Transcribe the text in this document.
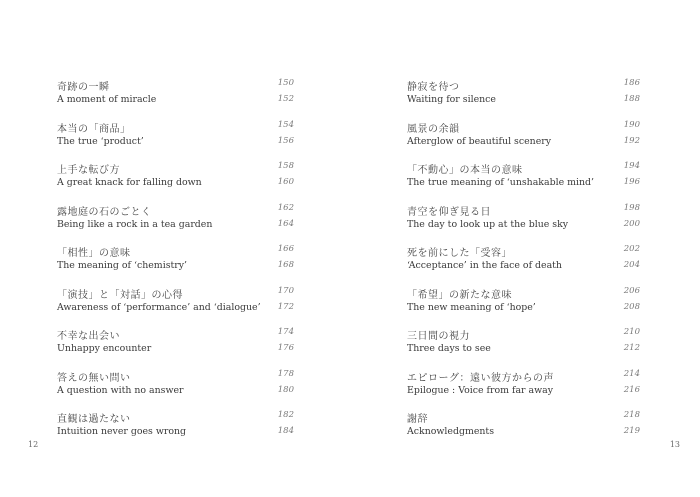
奇跡の一瞬	150
A moment of miracle	152
本当の「商品」	154
The true ‘product’	156
上手な転び方	158
A great knack for falling down	160
露地庭の石のごとく	162
Being like a rock in a tea garden	164
「相性」の意味	166
The meaning of ‘chemistry’	168
「演技」と「対話」の心得	170
Awareness of ‘performance’ and ‘dialogue’ 172
不幸な出会い	174
Unhappy encounter	176
答えの無い問い	178
A question with no answer	180
直観は過たない	182
Intuition never goes wrong	184
12
静寂を待つ	186
Waiting for silence	188
風景の余韻	190
Afterglow of beautiful scenery	192
「不動心」の本当の意味	194
The true meaning of ‘unshakable mind’	196
青空を仰ぎ見る日	198
The day to look up at the blue sky	200
死を前にした「受容」	202
‘Acceptance’ in the face of death	204
「希望」の新たな意味	206
The new meaning of ‘hope’	208
三日間の視力	210
Three days to see	212
エピローグ：遠い彼方からの声	214
Epilogue : Voice from far away	216
謝辞	218
Acknowledgments	219
13
